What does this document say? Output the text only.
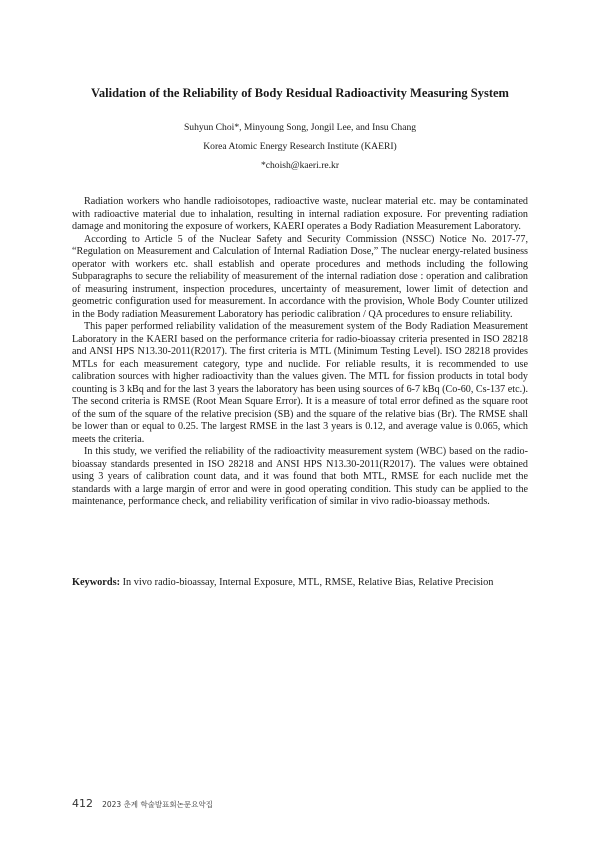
Validation of the Reliability of Body Residual Radioactivity Measuring System
Suhyun Choi*, Minyoung Song, Jongil Lee, and Insu Chang
Korea Atomic Energy Research Institute (KAERI)
*choish@kaeri.re.kr

Radiation workers who handle radioisotopes, radioactive waste, nuclear material etc. may be contaminated with radioactive material due to inhalation, resulting in internal radiation exposure. For preventing radiation damage and monitoring the exposure of workers, KAERI operates a Body Radiation Measurement Laboratory.

According to Article 5 of the Nuclear Safety and Security Commission (NSSC) Notice No. 2017-77, “Regulation on Measurement and Calculation of Internal Radiation Dose,” The nuclear energy-related business operator with workers etc. shall establish and operate procedures and methods including the following Subparagraphs to secure the reliability of measurement of the internal radiation dose : operation and calibration of measuring instrument, inspection procedures, uncertainty of measurement, lower limit of detection and geometric configuration used for measurement. In accordance with the provision, Whole Body Counter utilized in the Body radiation Measurement Laboratory has periodic calibration / QA procedures to ensure reliability.

This paper performed reliability validation of the measurement system of the Body Radiation Measurement Laboratory in the KAERI based on the performance criteria for radio-bioassay criteria presented in ISO 28218 and ANSI HPS N13.30-2011(R2017). The first criteria is MTL (Minimum Testing Level). ISO 28218 provides MTLs for each measurement category, type and nuclide. For reliable results, it is recommended to use calibration sources with higher radioactivity than the values given. The MTL for fission products in total body counting is 3 kBq and for the last 3 years the laboratory has been using sources of 6-7 kBq (Co-60, Cs-137 etc.). The second criteria is RMSE (Root Mean Square Error). It is a measure of total error defined as the square root of the sum of the square of the relative precision (SB) and the square of the relative bias (Br). The RMSE shall be lower than or equal to 0.25. The largest RMSE in the last 3 years is 0.12, and average value is 0.065, which meets the criteria.

In this study, we verified the reliability of the radioactivity measurement system (WBC) based on the radio-bioassay standards presented in ISO 28218 and ANSI HPS N13.30-2011(R2017). The values were obtained using 3 years of calibration count data, and it was found that both MTL, RMSE for each nuclide met the standards with a large margin of error and were in good operating condition. This study can be applied to the maintenance, performance check, and reliability verification of similar in vivo radio-bioassay methods.

Keywords: In vivo radio-bioassay, Internal Exposure, MTL, RMSE, Relative Bias, Relative Precision
412 2023 춘계 학술발표회논문요약집
